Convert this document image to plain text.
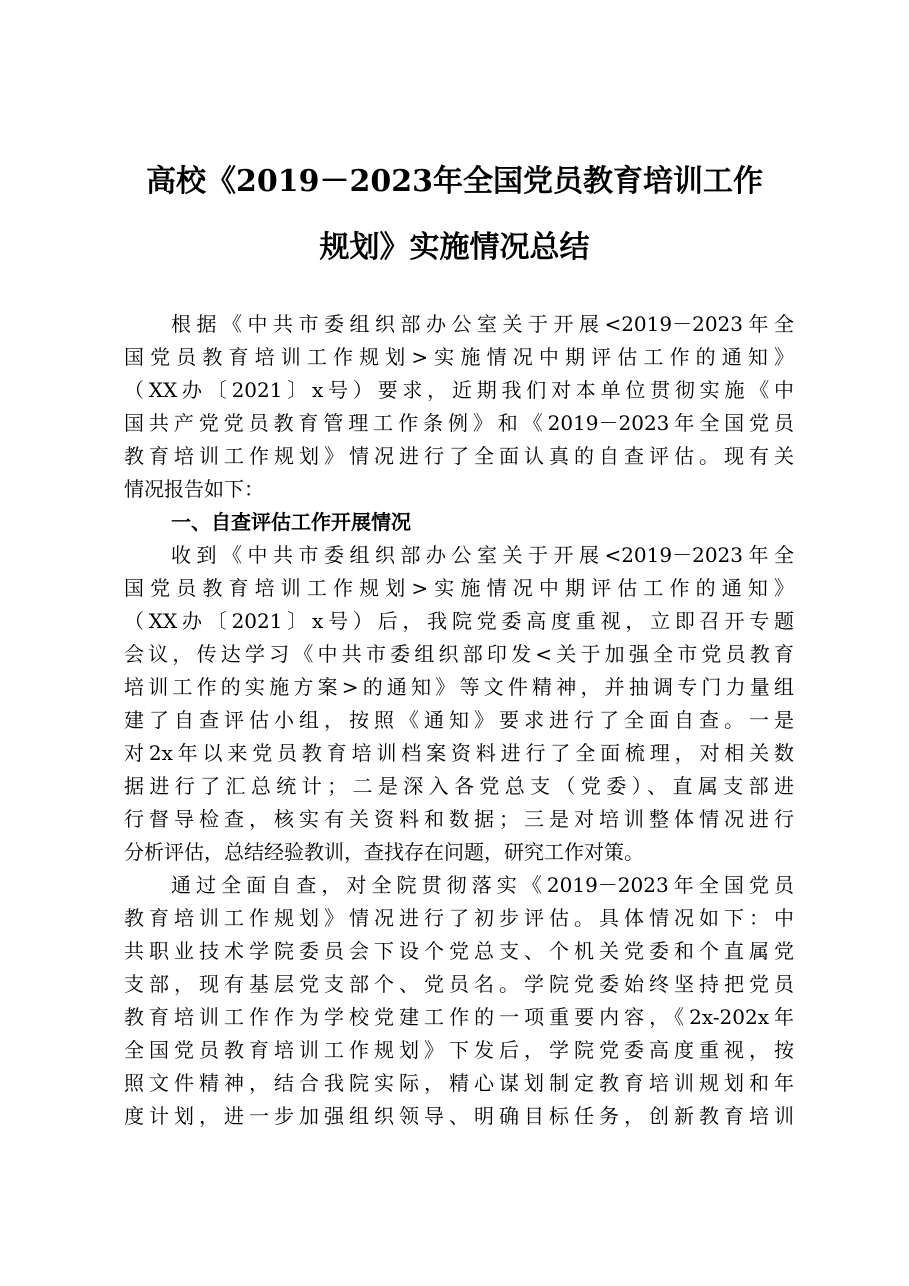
高校《2019－2023年全国党员教育培训工作
规划》实施情况总结
根据《中共市委组织部办公室关于开展<2019－2023年全
国党员教育培训工作规划>实施情况中期评估工作的通知》
（XX办〔2021〕x号）要求，近期我们对本单位贯彻实施《中
国共产党党员教育管理工作条例》和《2019－2023年全国党员
教育培训工作规划》情况进行了全面认真的自查评估。现有关
情况报告如下：
一、自查评估工作开展情况
收到《中共市委组织部办公室关于开展<2019－2023年全
国党员教育培训工作规划>实施情况中期评估工作的通知》
（XX办〔2021〕x号）后，我院党委高度重视，立即召开专题
会议，传达学习《中共市委组织部印发<关于加强全市党员教育
培训工作的实施方案>的通知》等文件精神，并抽调专门力量组
建了自查评估小组，按照《通知》要求进行了全面自查。一是
对2x年以来党员教育培训档案资料进行了全面梳理，对相关数
据进行了汇总统计；二是深入各党总支（党委）、直属支部进
行督导检查，核实有关资料和数据；三是对培训整体情况进行
分析评估，总结经验教训，查找存在问题，研究工作对策。
通过全面自查，对全院贯彻落实《2019－2023年全国党员
教育培训工作规划》情况进行了初步评估。具体情况如下：中
共职业技术学院委员会下设个党总支、个机关党委和个直属党
支部，现有基层党支部个、党员名。学院党委始终坚持把党员
教育培训工作作为学校党建工作的一项重要内容，《2x-202x年
全国党员教育培训工作规划》下发后，学院党委高度重视，按
照文件精神，结合我院实际，精心谋划制定教育培训规划和年
度计划，进一步加强组织领导、明确目标任务，创新教育培训
